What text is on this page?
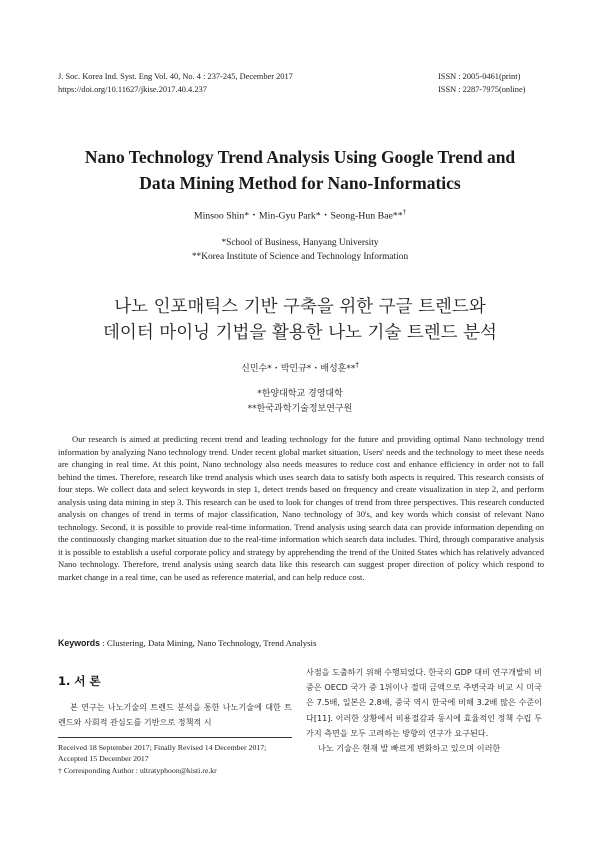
J. Soc. Korea Ind. Syst. Eng Vol. 40, No. 4 : 237-245, December 2017
https://doi.org/10.11627/jkise.2017.40.4.237
ISSN : 2005-0461(print)
ISSN : 2287-7975(online)
Nano Technology Trend Analysis Using Google Trend and
Data Mining Method for Nano-Informatics
Minsoo Shin*・Min-Gyu Park*・Seong-Hun Bae**†
*School of Business, Hanyang University
**Korea Institute of Science and Technology Information
나노 인포매틱스 기반 구축을 위한 구글 트렌드와
데이터 마이닝 기법을 활용한 나노 기술 트렌드 분석
신민수*・박민규*・배성훈**†
*한양대학교 경영대학
**한국과학기술정보연구원

Our research is aimed at predicting recent trend and leading technology for the future and providing optimal Nano technology trend information by analyzing Nano technology trend. Under recent global market situation, Users' needs and the technology to meet these needs are changing in real time. At this point, Nano technology also needs measures to reduce cost and enhance efficiency in order not to fall behind the times. Therefore, research like trend analysis which uses search data to satisfy both aspects is required. This research consists of four steps. We collect data and select keywords in step 1, detect trends based on frequency and create visualization in step 2, and perform analysis using data mining in step 3. This research can be used to look for changes of trend from three perspectives. This research conducted analysis on changes of trend in terms of major classification, Nano technology of 30's, and key words which consist of relevant Nano technology. Second, it is possible to provide real-time information. Trend analysis using search data can provide information depending on the continuously changing market situation due to the real-time information which search data includes. Third, through comparative analysis it is possible to establish a useful corporate policy and strategy by apprehending the trend of the United States which has relatively advanced Nano technology. Therefore, trend analysis using search data like this research can suggest proper direction of policy which respond to market change in a real time, can be used as reference material, and can help reduce cost.

Keywords : Clustering, Data Mining, Nano Technology, Trend Analysis
1. 서 론

본 연구는 나노기술의 트렌드 분석을 통한 나노기술에 대한 트렌드와 사회적 관심도를 기반으로 정책적 시

Received 18 September 2017; Finally Revised 14 December 2017;
Accepted 15 December 2017
† Corresponding Author : ultratyphoon@kisti.re.kr

사점을 도출하기 위해 수행되었다. 한국의 GDP 대비 연구개발비 비중은 OECD 국가 중 1위이나 절대 금액으로 주변국과 비교 시 미국은 7.5배, 일본은 2.8배, 중국 역시 한국에 비해 3.2배 많은 수준이다[11]. 이러한 상황에서 비용절감과 동시에 효율적인 정책 수립 두 가지 측면을 모두 고려하는 방향의 연구가 요구된다.

나노 기술은 현재 발 빠르게 변화하고 있으며 이러한
